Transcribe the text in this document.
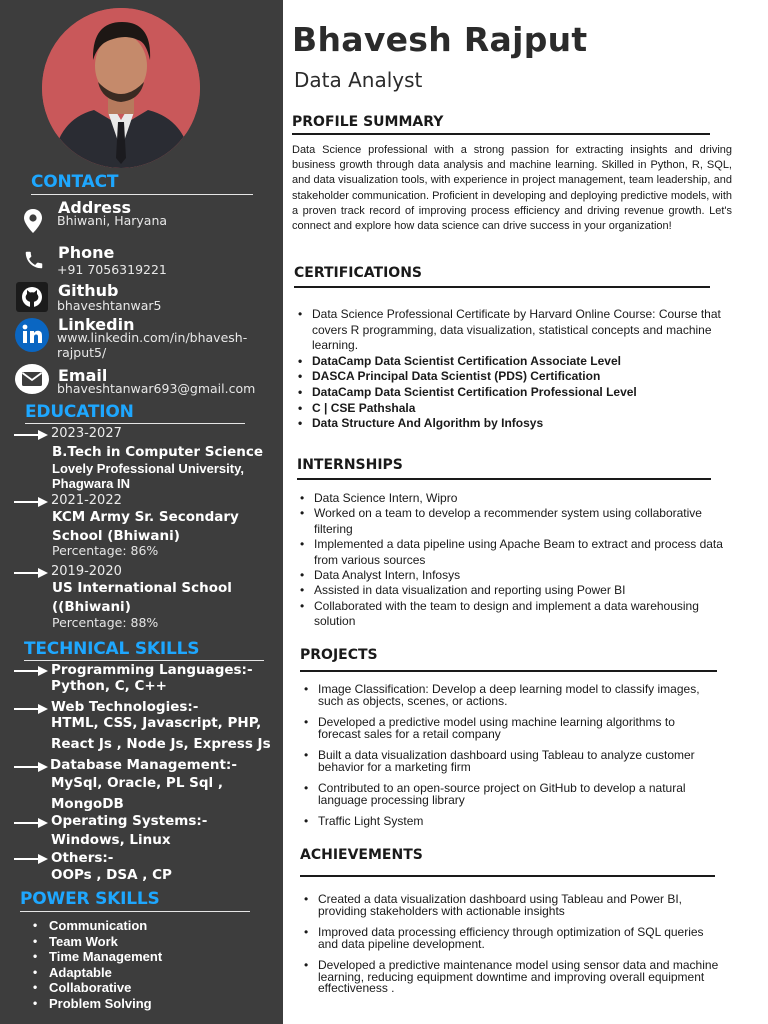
CONTACT
Address
Bhiwani, Haryana
Phone
+91 7056319221
Github
bhaveshtanwar5
Linkedin
www.linkedin.com/in/bhavesh-
rajput5/
Email
bhaveshtanwar693@gmail.com
EDUCATION
2023-2027
B.Tech in Computer Science
Lovely Professional University,
Phagwara IN
2021-2022
KCM Army Sr. Secondary
School (Bhiwani)
Percentage: 86%
2019-2020
US International School
((Bhiwani)
Percentage: 88%
TECHNICAL SKILLS
Programming Languages:-
Python, C, C++
Web Technologies:-
HTML, CSS, Javascript, PHP,
React Js , Node Js, Express Js
Database Management:-
MySql, Oracle, PL Sql ,
MongoDB
Operating Systems:-
Windows, Linux
Others:-
OOPs , DSA , CP
POWER SKILLS
• Communication
• Team Work
• Time Management
• Adaptable
• Collaborative
• Problem Solving
Bhavesh Rajput
Data Analyst
PROFILE SUMMARY

Data Science professional with a strong passion for extracting insights and driving business growth through data analysis and machine learning. Skilled in Python, R, SQL, and data visualization tools, with experience in project management, team leadership, and stakeholder communication. Proficient in developing and deploying predictive models, with a proven track record of improving process efficiency and driving revenue growth. Let's connect and explore how data science can drive success in your organization!

CERTIFICATIONS
• Data Science Professional Certificate by Harvard Online Course: Course that covers R programming, data visualization, statistical concepts and machine learning.
• DataCamp Data Scientist Certification Associate Level
• DASCA Principal Data Scientist (PDS) Certification
• DataCamp Data Scientist Certification Professional Level
• C | CSE Pathshala
• Data Structure And Algorithm by Infosys
INTERNSHIPS
• Data Science Intern, Wipro
• Worked on a team to develop a recommender system using collaborative filtering
• Implemented a data pipeline using Apache Beam to extract and process data from various sources
• Data Analyst Intern, Infosys
• Assisted in data visualization and reporting using Power BI
• Collaborated with the team to design and implement a data warehousing solution
PROJECTS
• Image Classification: Develop a deep learning model to classify images, such as objects, scenes, or actions.
• Developed a predictive model using machine learning algorithms to forecast sales for a retail company
• Built a data visualization dashboard using Tableau to analyze customer behavior for a marketing firm
• Contributed to an open-source project on GitHub to develop a natural language processing library
• Traffic Light System
ACHIEVEMENTS
• Created a data visualization dashboard using Tableau and Power BI, providing stakeholders with actionable insights
• Improved data processing efficiency through optimization of SQL queries and data pipeline development.
• Developed a predictive maintenance model using sensor data and machine learning, reducing equipment downtime and improving overall equipment effectiveness .
